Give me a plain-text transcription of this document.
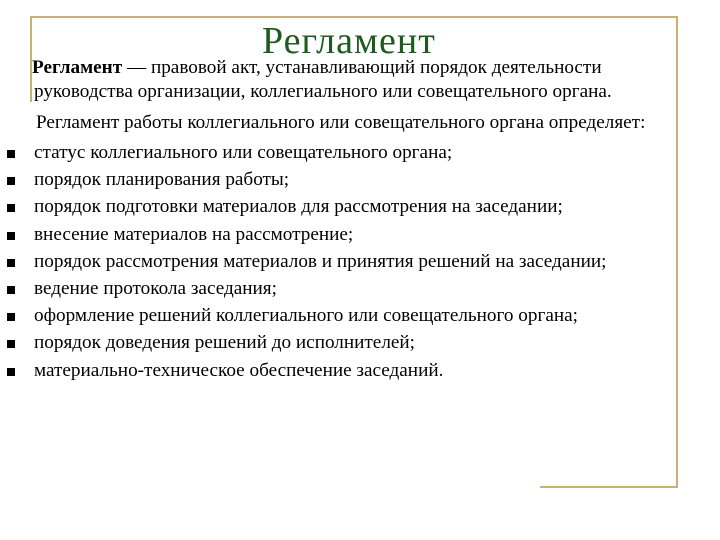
Регламент
Регламент — правовой акт, устанавливающий порядок деятельности руководства организации, коллегиального или совещательного органа.
Регламент работы коллегиального или совещательного органа определяет:
статус коллегиального или совещательного органа;
порядок планирования работы;
порядок подготовки материалов для рассмотрения на заседании;
внесение материалов на рассмотрение;
порядок рассмотрения материалов и принятия решений на заседании;
ведение протокола заседания;
оформление решений коллегиального или совещательного органа;
порядок доведения решений до исполнителей;
материально-техническое обеспечение заседаний.
